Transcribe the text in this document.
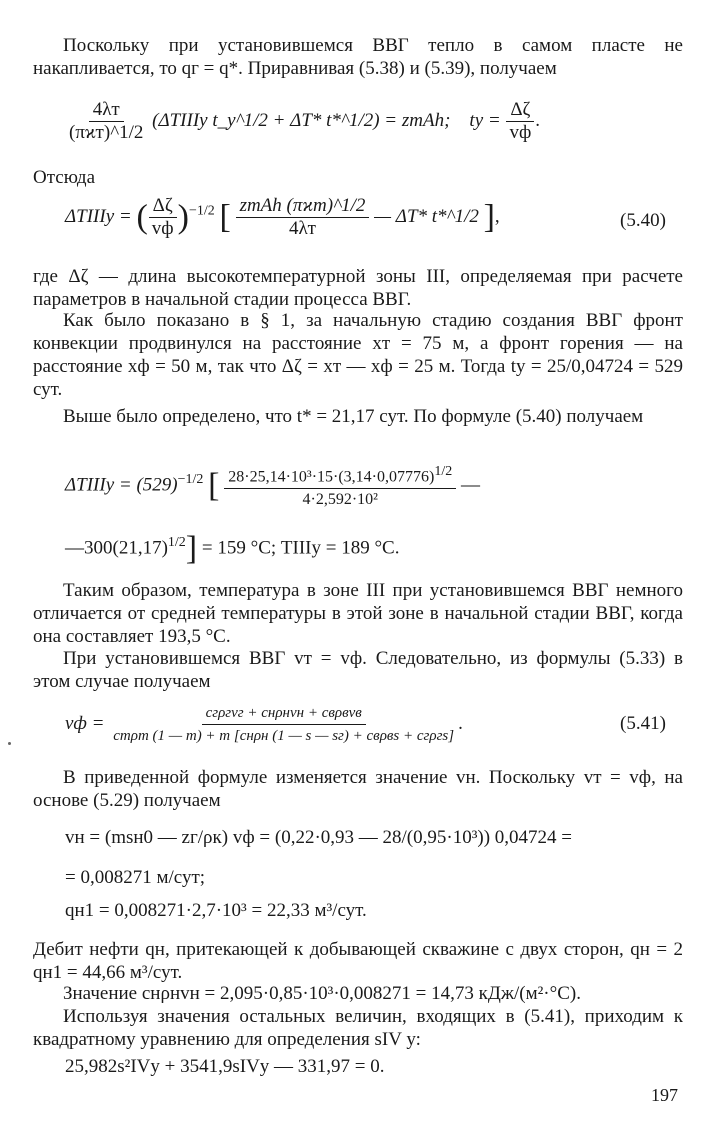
Поскольку при установившемся ВВГ тепло в самом пласте не накапливается, то qг = q*. Приравнивая (5.38) и (5.39), получаем
$\frac{4\lambda т}{\text{(πϰт)\textasciicircum{}1/2}}$ (ΔTIIIу t_у^1/2 + ΔT* t*^1/2) = zтAh; tу = $\frac{\Delta\zeta}{vф}$ .
Отсюда
ΔTIIIу = ( $\frac{\Delta\zeta}{vф} )^{-1/2}$ [ $\frac{\text{zтAh (πϰт)\textasciicircum{}1/2}}{4\lambda т}$ — ΔT* t*^1/2 ],	(5.40)
где Δζ — длина высокотемпературной зоны III, определяемая при расчете параметров в начальной стадии процесса ВВГ.
Как было показано в § 1, за начальную стадию создания ВВГ фронт конвекции продвинулся на расстояние xт = 75 м, а фронт горения — на расстояние xф = 50 м, так что Δζ = xт — xф = 25 м. Тогда tу = 25/0,04724 = 529 сут.
Выше было определено, что t* = 21,17 сут. По формуле (5.40) получаем
ΔTIIIу = $(529)^{-1/2}$ [ $\frac{28\cdot 25,14\cdot 10^3\cdot 15\cdot(3,14\cdot 0,07776)^{1/2}}{\text{4·2,592·10²}}$ —
$—300(21,17)^{1/2}] = 159$ °С; TIIIу = 189 °С.
Таким образом, температура в зоне III при установившемся ВВГ немного отличается от средней температуры в этой зоне в начальной стадии ВВГ, когда она составляет 193,5 °С.
При установившемся ВВГ vт = vф. Следовательно, из формулы (5.33) в этом случае получаем
vф = $\frac{\text{cгρгvг + cнρнvн + cвρвvв}}{\text{cтρт (1 — m) + m [cнρн (1 — s — sг) + cвρвs + cгρгs]}}$ .	(5.41)
В приведенной формуле изменяется значение vн. Поскольку vт = vф, на основе (5.29) получаем
vн = (msн0 — zг/ρк) vф = (0,22·0,93 — 28/(0,95·10³)) 0,04724 =
= 0,008271 м/сут;
qн1 = 0,008271·2,7·10³ = 22,33 м³/сут.
Дебит нефти qн, притекающей к добывающей скважине с двух сторон, qн = 2 qн1 = 44,66 м³/сут.
Значение cнρнvн = 2,095·0,85·10³·0,008271 = 14,73 кДж/(м²·°С).
Используя значения остальных величин, входящих в (5.41), приходим к квадратному уравнению для определения sIV у:
25,982s²IVу + 3541,9sIVу — 331,97 = 0.
197
